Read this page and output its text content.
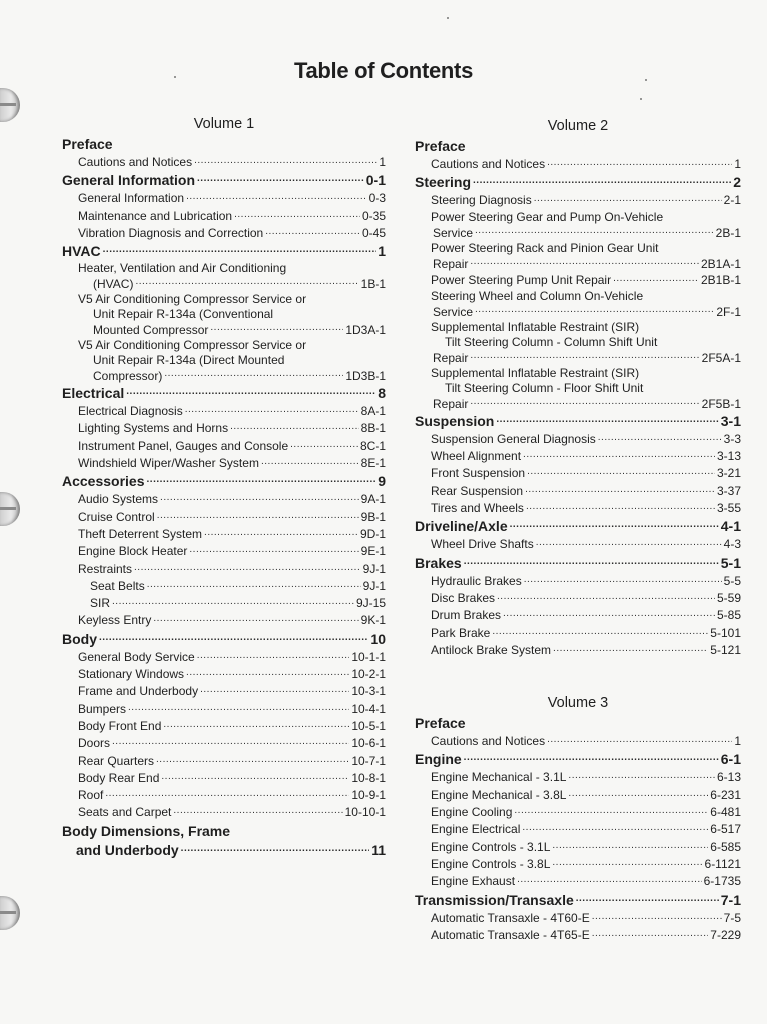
Table of Contents
Volume 1
Preface
Cautions and Notices .....	1
General Information .....	0-1
General Information .....	0-3
Maintenance and Lubrication .....	0-35
Vibration Diagnosis and Correction .....	0-45
HVAC .....	1
Heater, Ventilation and Air Conditioning
(HVAC) .....	1B-1
V5 Air Conditioning Compressor Service or
Unit Repair R-134a (Conventional
Mounted Compressor .....	1D3A-1
V5 Air Conditioning Compressor Service or
Unit Repair R-134a (Direct Mounted
Compressor) .....	1D3B-1
Electrical .....	8
Electrical Diagnosis .....	8A-1
Lighting Systems and Horns .....	8B-1
Instrument Panel, Gauges and Console .....	8C-1
Windshield Wiper/Washer System .....	8E-1
Accessories .....	9
Audio Systems .....	9A-1
Cruise Control .....	9B-1
Theft Deterrent System .....	9D-1
Engine Block Heater .....	9E-1
Restraints .....	9J-1
Seat Belts .....	9J-1
SIR .....	9J-15
Keyless Entry .....	9K-1
Body .....	10
General Body Service .....	10-1-1
Stationary Windows .....	10-2-1
Frame and Underbody .....	10-3-1
Bumpers .....	10-4-1
Body Front End .....	10-5-1
Doors .....	10-6-1
Rear Quarters .....	10-7-1
Body Rear End .....	10-8-1
Roof .....	10-9-1
Seats and Carpet .....	10-10-1
Body Dimensions, Frame
and Underbody .....	11
Volume 2
Preface
Cautions and Notices .....	1
Steering .....	2
Steering Diagnosis .....	2-1
Power Steering Gear and Pump On-Vehicle
Service .....	2B-1
Power Steering Rack and Pinion Gear Unit
Repair .....	2B1A-1
Power Steering Pump Unit Repair .....	2B1B-1
Steering Wheel and Column On-Vehicle
Service .....	2F-1
Supplemental Inflatable Restraint (SIR)
Tilt Steering Column - Column Shift Unit
Repair .....	2F5A-1
Supplemental Inflatable Restraint (SIR)
Tilt Steering Column - Floor Shift Unit
Repair .....	2F5B-1
Suspension .....	3-1
Suspension General Diagnosis .....	3-3
Wheel Alignment .....	3-13
Front Suspension .....	3-21
Rear Suspension .....	3-37
Tires and Wheels .....	3-55
Driveline/Axle .....	4-1
Wheel Drive Shafts .....	4-3
Brakes .....	5-1
Hydraulic Brakes .....	5-5
Disc Brakes .....	5-59
Drum Brakes .....	5-85
Park Brake .....	5-101
Antilock Brake System .....	5-121
Volume 3
Preface
Cautions and Notices .....	1
Engine .....	6-1
Engine Mechanical - 3.1L .....	6-13
Engine Mechanical - 3.8L .....	6-231
Engine Cooling .....	6-481
Engine Electrical .....	6-517
Engine Controls - 3.1L .....	6-585
Engine Controls - 3.8L .....	6-1121
Engine Exhaust .....	6-1735
Transmission/Transaxle .....	7-1
Automatic Transaxle - 4T60-E .....	7-5
Automatic Transaxle - 4T65-E .....	7-229
